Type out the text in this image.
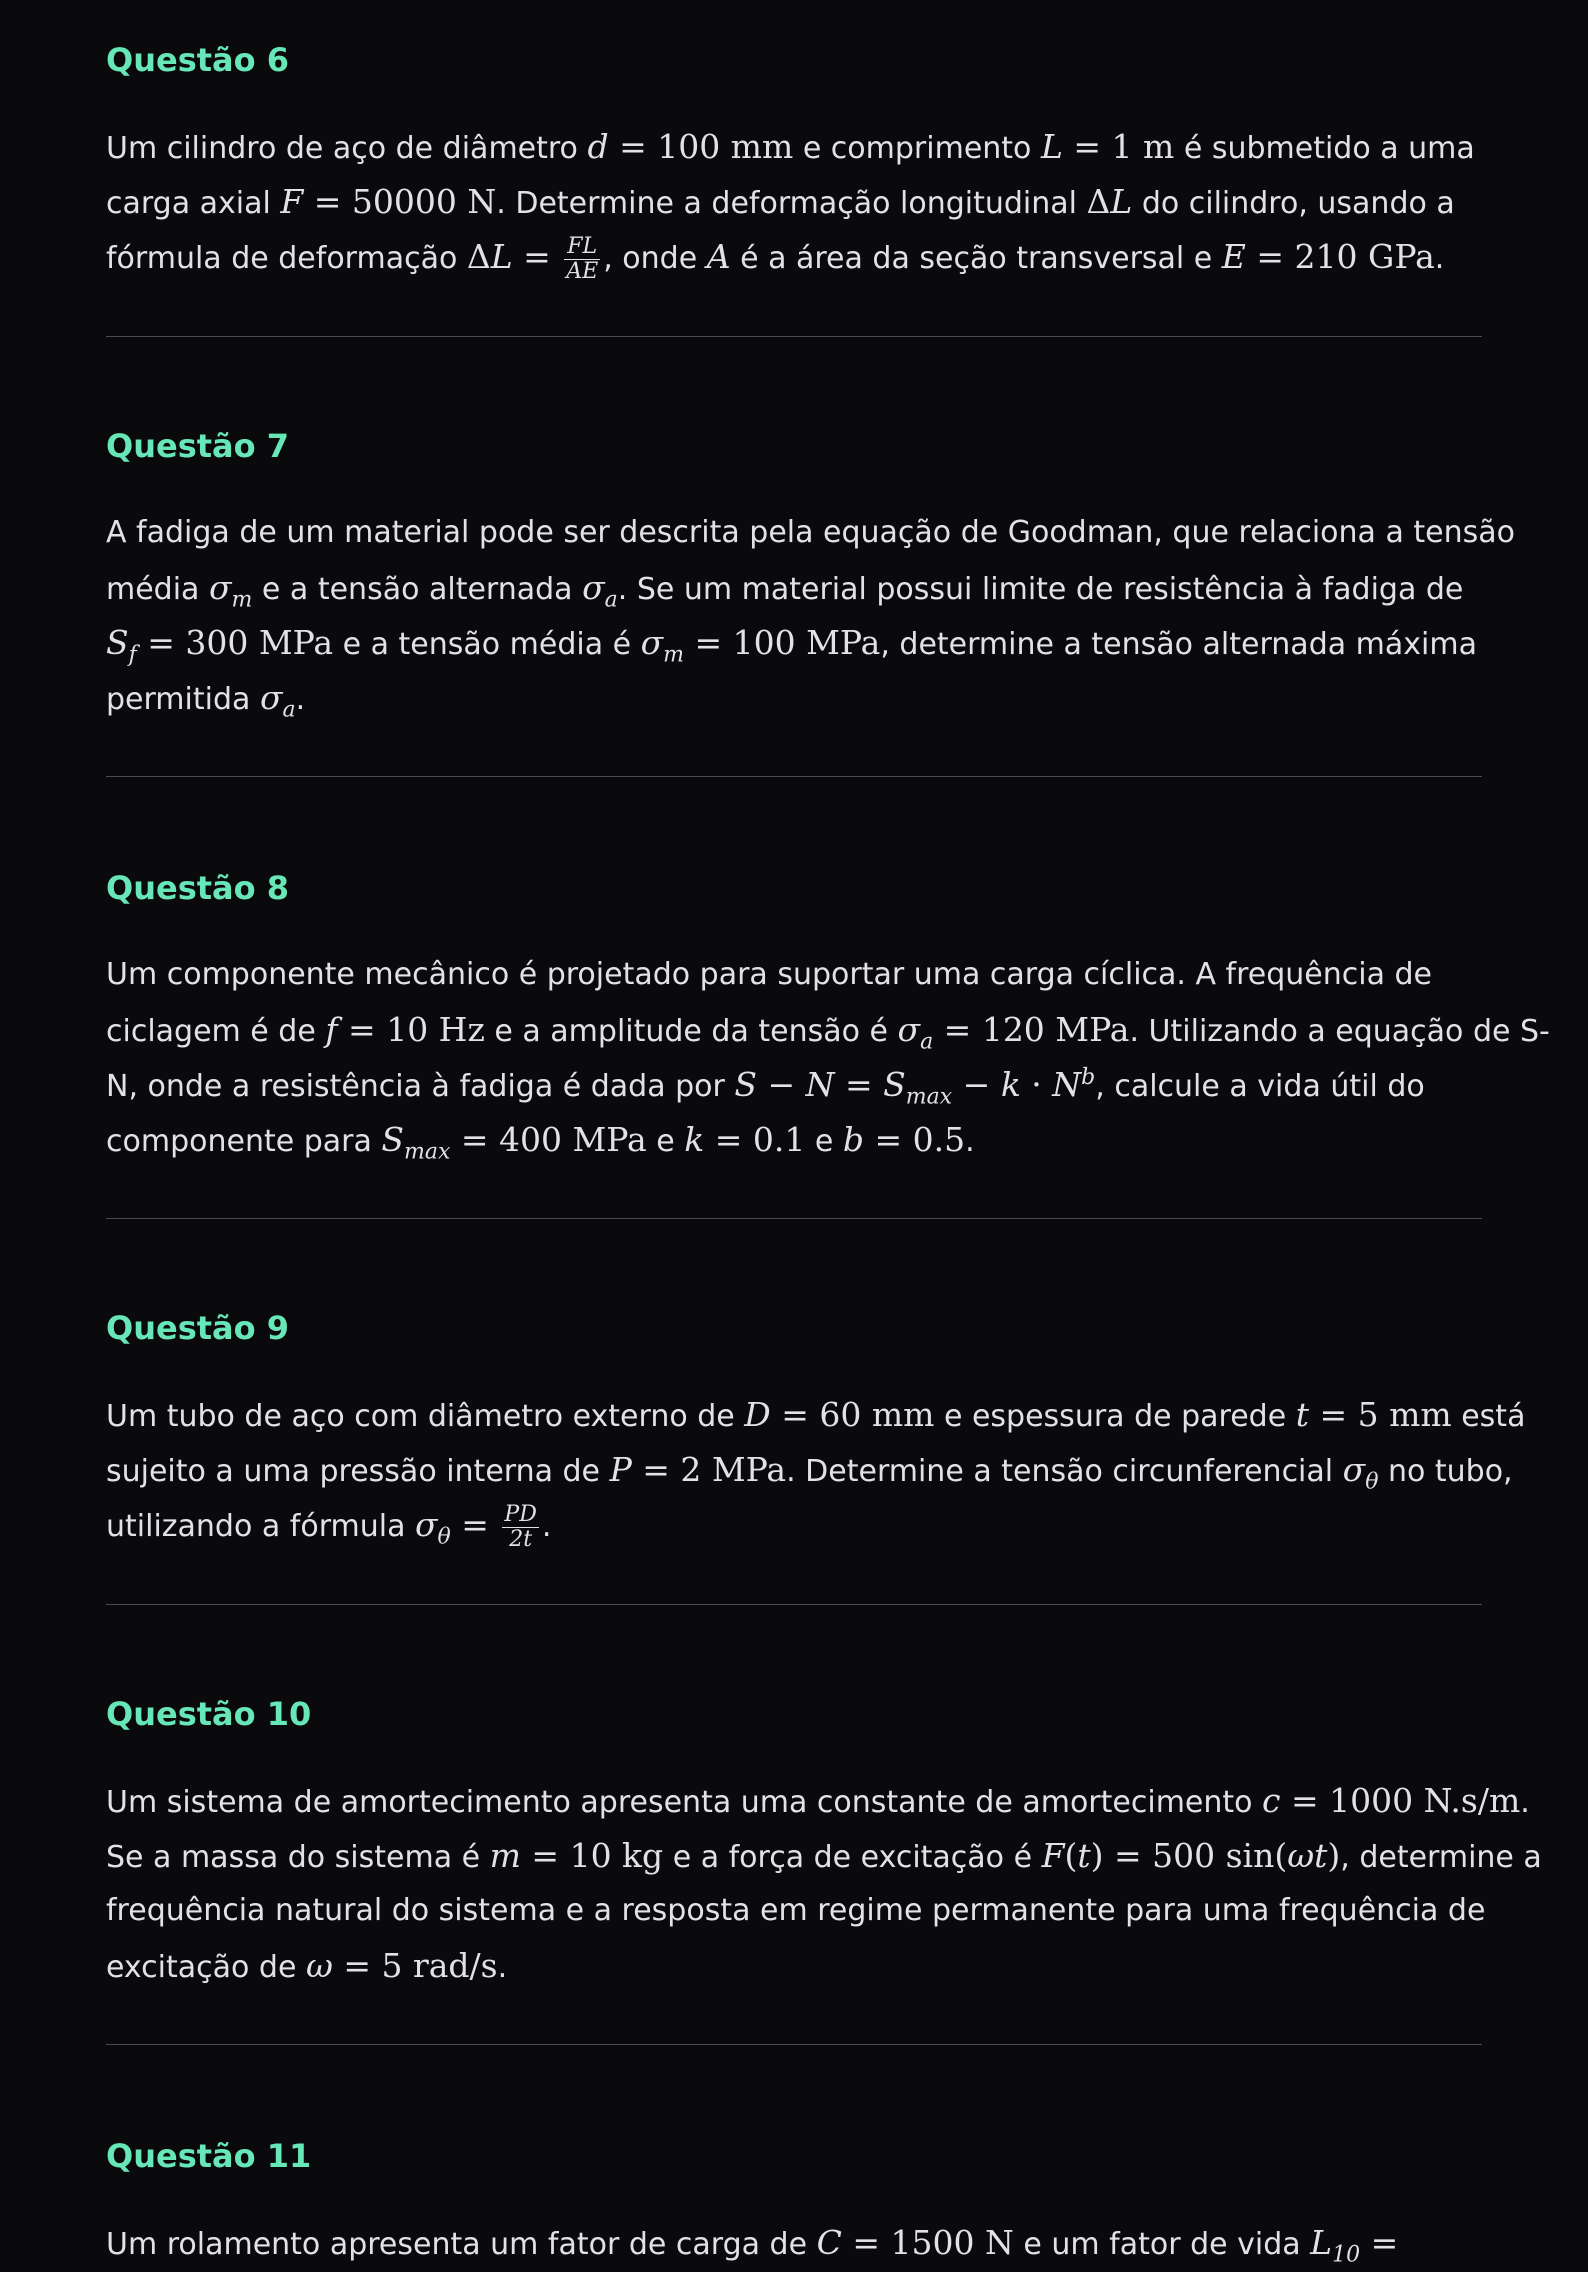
Questão 6
Um cilindro de aço de diâmetro d = 100 mm e comprimento L = 1 m é submetido a uma
carga axial F = 50000 N. Determine a deformação longitudinal ΔL do cilindro, usando a
fórmula de deformação $\Delta L = \frac{FL}{AE}$ , onde A é a área da seção transversal e E = 210 GPa.
Questão 7
A fadiga de um material pode ser descrita pela equação de Goodman, que relaciona a tensão
média $\sigma_m$ e a tensão alternada $\sigma_a$. Se um material possui limite de resistência à fadiga de
$S_f = 300$ MPa e a tensão média é $\sigma_m = 100$ MPa, determine a tensão alternada máxima
permitida $\sigma_a$.
Questão 8
Um componente mecânico é projetado para suportar uma carga cíclica. A frequência de
ciclagem é de f = 10 Hz e a amplitude da tensão é $\sigma_a = 120$ MPa. Utilizando a equação de S-
N, onde a resistência à fadiga é dada por $S - N = S_{max} - k \cdot N^b$, calcule a vida útil do
componente para $S_{max} = 400$ MPa e k = 0.1 e b = 0.5.
Questão 9
Um tubo de aço com diâmetro externo de D = 60 mm e espessura de parede t = 5 mm está
sujeito a uma pressão interna de P = 2 MPa. Determine a tensão circunferencial $\sigma_\theta$ no tubo,
utilizando a fórmula $\sigma_\theta = \frac{PD}{2t}$ .
Questão 10
Um sistema de amortecimento apresenta uma constante de amortecimento c = 1000 N.s/m.
Se a massa do sistema é m = 10 kg e a força de excitação é F(t) = 500 sin(ωt), determine a
frequência natural do sistema e a resposta em regime permanente para uma frequência de
excitação de ω = 5 rad/s.
Questão 11
Um rolamento apresenta um fator de carga de C = 1500 N e um fator de vida $L_{10}$ =
